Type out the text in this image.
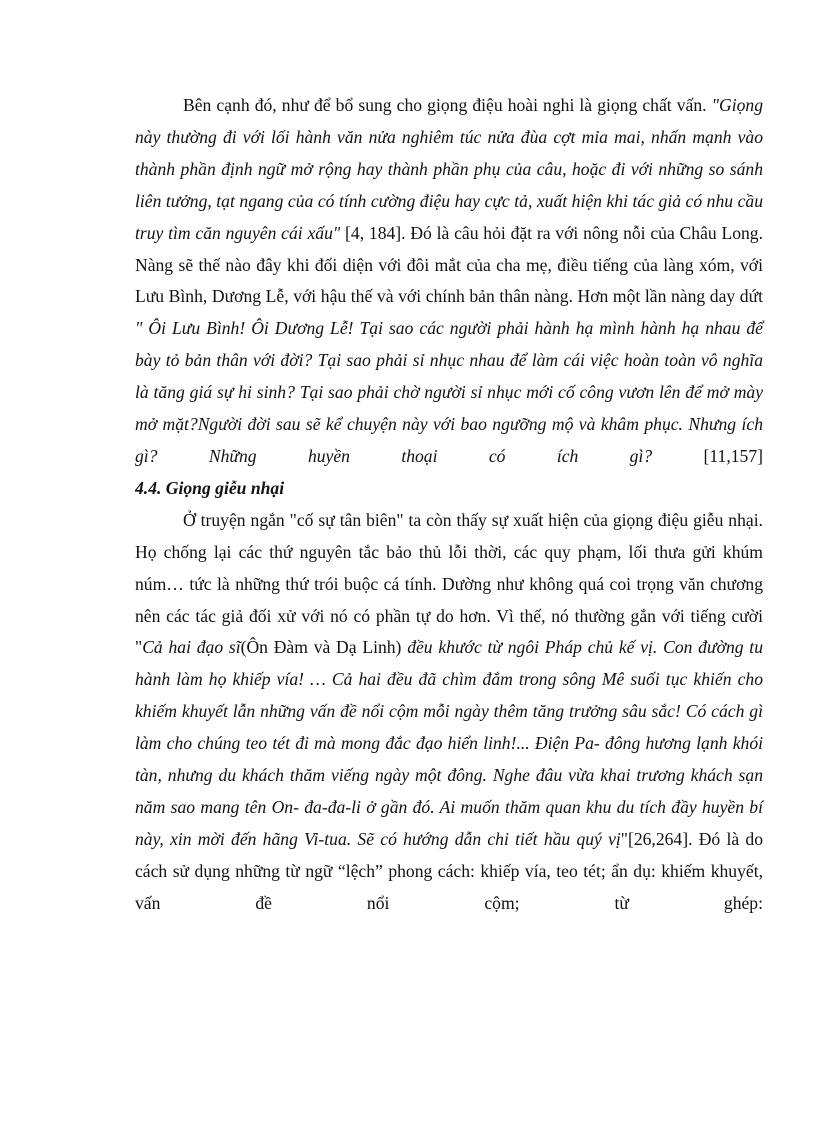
Bên cạnh đó, như để bổ sung cho giọng điệu hoài nghi là giọng chất vấn. "Giọng này thường đi với lối hành văn nửa nghiêm túc nửa đùa cợt mỉa mai, nhấn mạnh vào thành phần định ngữ mở rộng hay thành phần phụ của câu, hoặc đi với những so sánh liên tưởng, tạt ngang của có tính cường điệu hay cực tả, xuất hiện khi tác giả có nhu cầu truy tìm căn nguyên cái xấu" [4, 184]. Đó là câu hỏi đặt ra với nông nỗi của Châu Long. Nàng sẽ thế nào đây khi đối diện với đôi mắt của cha mẹ, điều tiếng của làng xóm, với Lưu Bình, Dương Lễ, với hậu thế và với chính bản thân nàng. Hơn một lần nàng day dứt " Ôi Lưu Bình! Ôi Dương Lễ! Tại sao các người phải hành hạ mình hành hạ nhau để bày tỏ bản thân với đời? Tại sao phải sỉ nhục nhau để làm cái việc hoàn toàn vô nghĩa là tăng giá sự hi sinh? Tại sao phải chờ người sỉ nhục mới cố công vươn lên để mở mày mở mặt?Người đời sau sẽ kể chuyện này với bao ngưỡng mộ và khâm phục. Nhưng ích gì? Những huyền thoại có ích gì? [11,157]

4.4. Giọng giễu nhại

Ở truyện ngắn "cố sự tân biên" ta còn thấy sự xuất hiện của giọng điệu giễu nhại. Họ chống lại các thứ nguyên tắc bảo thủ lỗi thời, các quy phạm, lối thưa gửi khúm núm… tức là những thứ trói buộc cá tính. Dường như không quá coi trọng văn chương nên các tác giả đối xử với nó có phần tự do hơn. Vì thế, nó thường gắn với tiếng cười "Cả hai đạo sĩ(Ôn Đàm và Dạ Linh) đều khước từ ngôi Pháp chủ kế vị. Con đường tu hành làm họ khiếp vía! … Cả hai đều đã chìm đắm trong sông Mê suối tục khiến cho khiếm khuyết lẫn những vấn đề nổi cộm mỗi ngày thêm tăng trưởng sâu sắc! Có cách gì làm cho chúng teo tét đi mà mong đắc đạo hiển linh!... Điện Pa- đông hương lạnh khói tàn, nhưng du khách thăm viếng ngày một đông. Nghe đâu vừa khai trương khách sạn năm sao mang tên On- đa-đa-li ở gần đó. Ai muốn thăm quan khu du tích đầy huyền bí này, xin mời đến hãng Vi-tua. Sẽ có hướng dẫn chi tiết hầu quý vị"[26,264]. Đó là do cách sử dụng những từ ngữ “lệch” phong cách: khiếp vía, teo tét; ẩn dụ: khiếm khuyết, vấn đề nổi cộm; từ ghép:
